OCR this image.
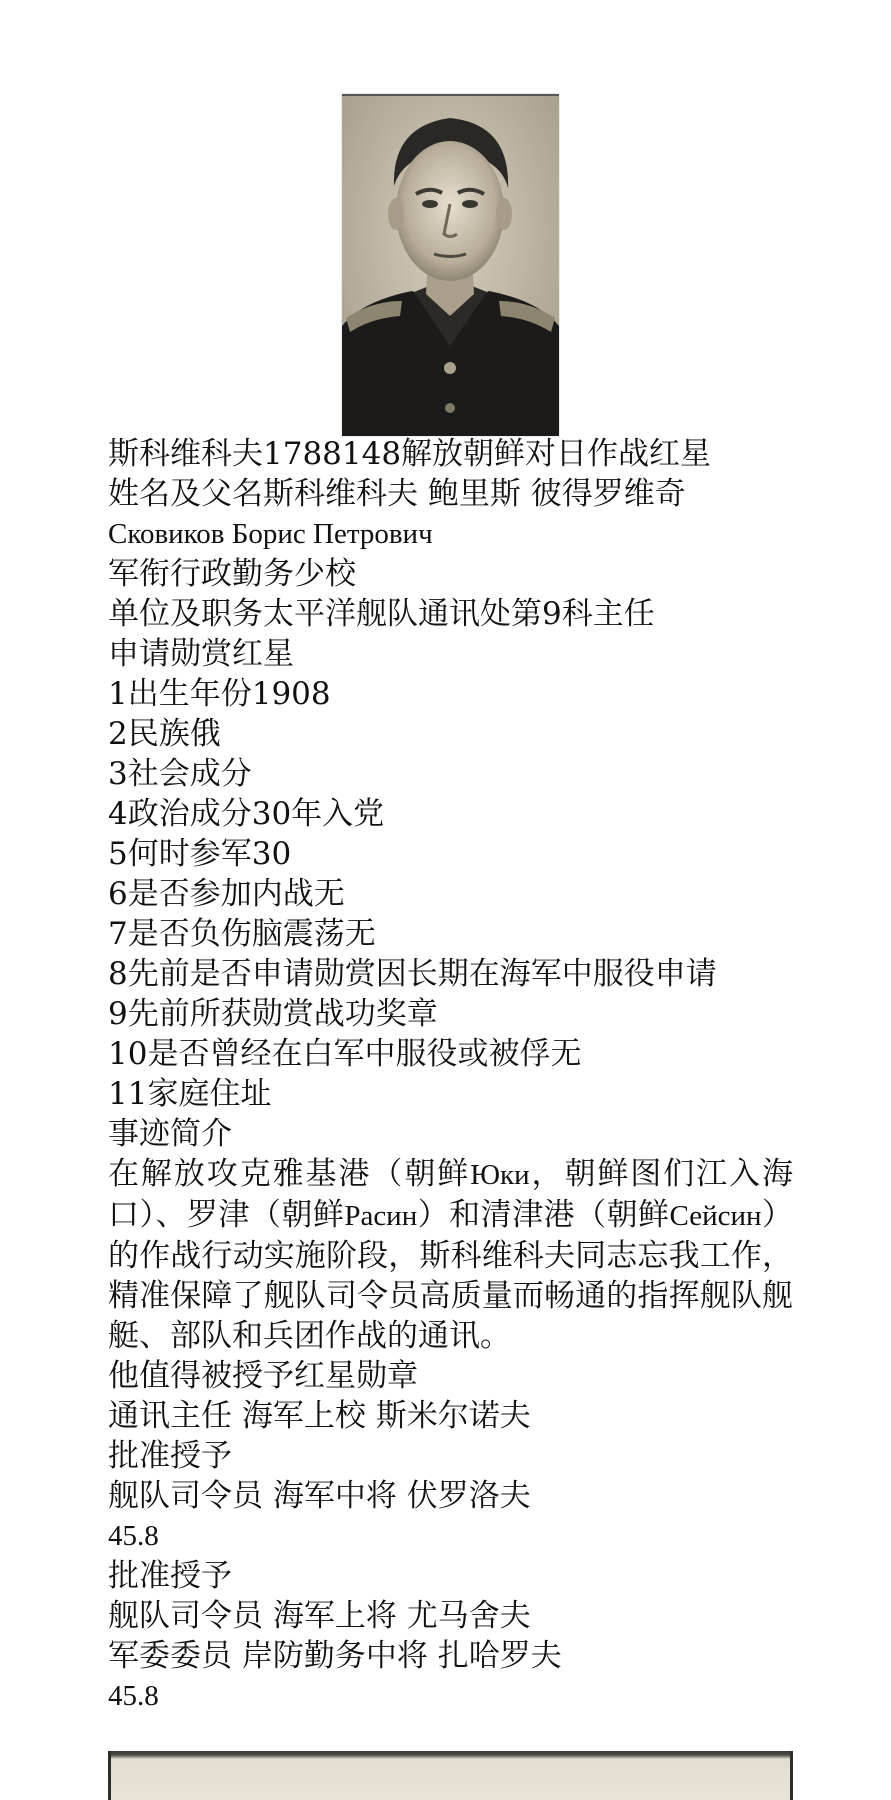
斯科维科夫1788148解放朝鲜对日作战红星
姓名及父名斯科维科夫 鲍里斯 彼得罗维奇
Сковиков Борис Петрович
军衔行政勤务少校
单位及职务太平洋舰队通讯处第9科主任
申请勋赏红星
1出生年份1908
2民族俄
3社会成分
4政治成分30年入党
5何时参军30
6是否参加内战无
7是否负伤脑震荡无
8先前是否申请勋赏因长期在海军中服役申请
9先前所获勋赏战功奖章
10是否曾经在白军中服役或被俘无
11家庭住址
事迹简介
在解放攻克雅基港（朝鲜Юки，朝鲜图们江入海口）、罗津（朝鲜Расин）和清津港（朝鲜Сейсин）的作战行动实施阶段，斯科维科夫同志忘我工作，精准保障了舰队司令员高质量而畅通的指挥舰队舰艇、部队和兵团作战的通讯。
他值得被授予红星勋章
通讯主任 海军上校 斯米尔诺夫
批准授予
舰队司令员 海军中将 伏罗洛夫
45.8
批准授予
舰队司令员 海军上将 尤马舍夫
军委委员 岸防勤务中将 扎哈罗夫
45.8
